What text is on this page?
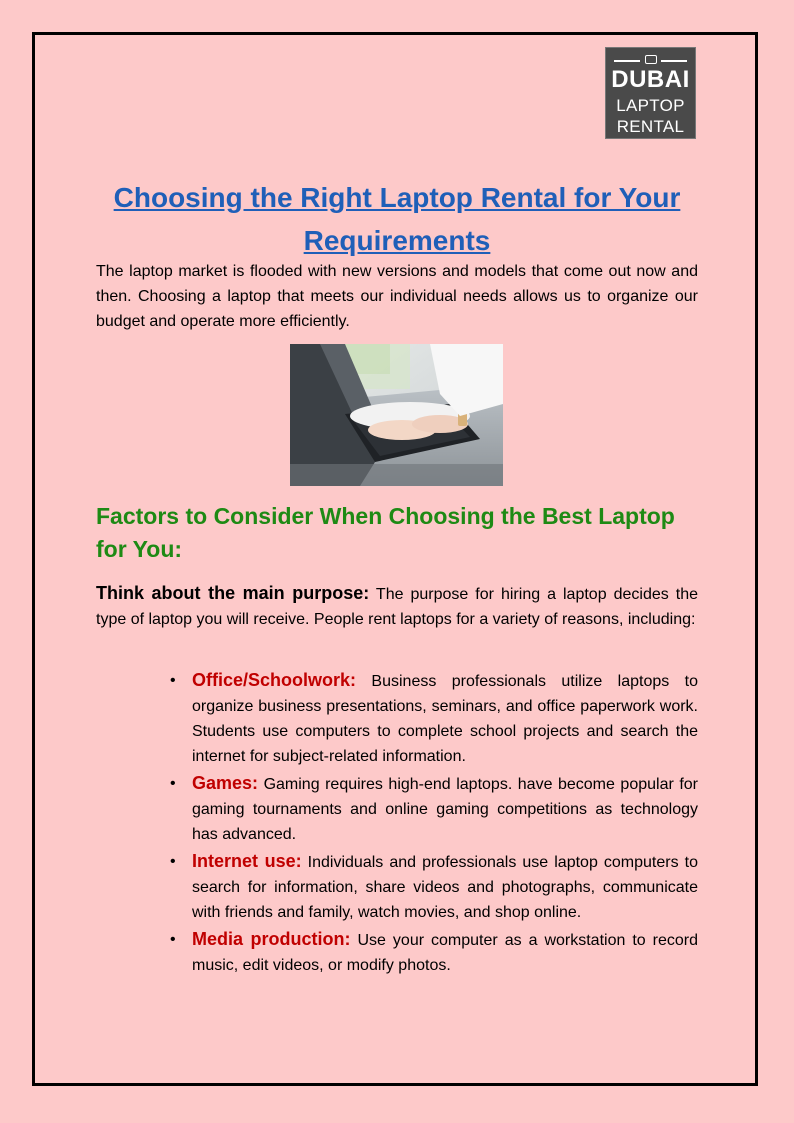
DUBAI
LAPTOP
RENTAL
Choosing the Right Laptop Rental for Your Requirements

The laptop market is flooded with new versions and models that come out now and then. Choosing a laptop that meets our individual needs allows us to organize our budget and operate more efficiently.

Factors to Consider When Choosing the Best Laptop for You:

Think about the main purpose: The purpose for hiring a laptop decides the type of laptop you will receive. People rent laptops for a variety of reasons, including:

• Office/Schoolwork: Business professionals utilize laptops to organize business presentations, seminars, and office paperwork work. Students use computers to complete school projects and search the internet for subject-related information.
• Games: Gaming requires high-end laptops. have become popular for gaming tournaments and online gaming competitions as technology has advanced.
• Internet use: Individuals and professionals use laptop computers to search for information, share videos and photographs, communicate with friends and family, watch movies, and shop online.
• Media production: Use your computer as a workstation to record music, edit videos, or modify photos.
